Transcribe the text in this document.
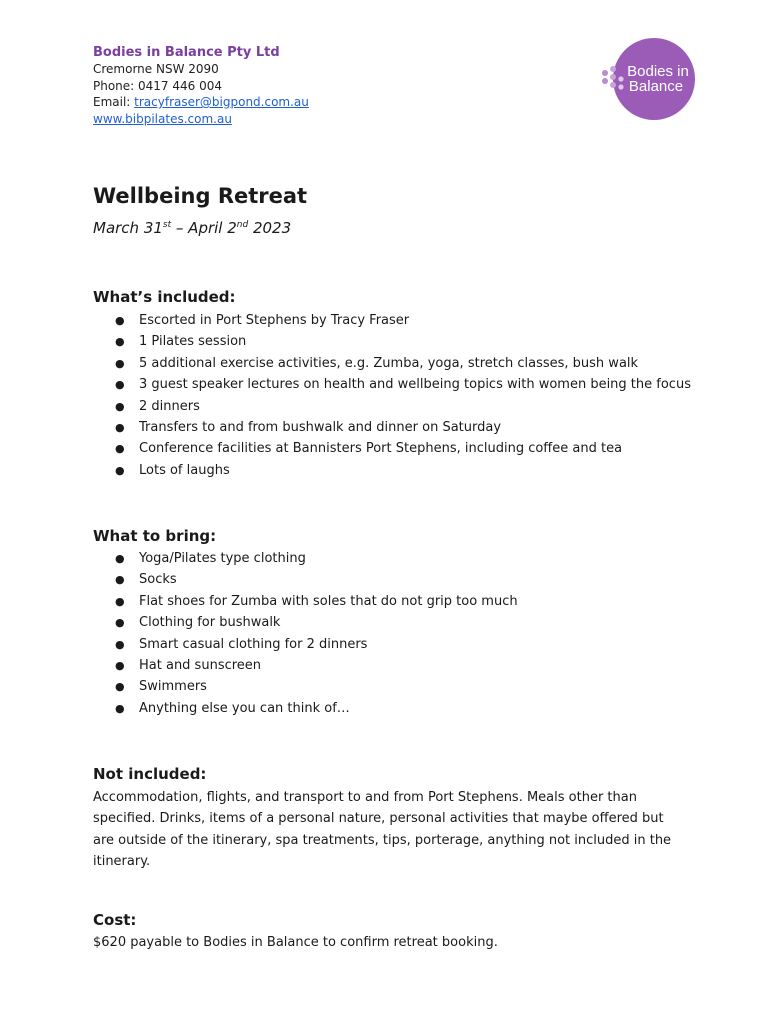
Bodies in Balance Pty Ltd
Cremorne NSW 2090
Phone: 0417 446 004
Email: tracyfraser@bigpond.com.au
www.bibpilates.com.au
Bodies in
Balance
Wellbeing Retreat
March 31st – April 2nd 2023
What’s included:
● Escorted in Port Stephens by Tracy Fraser
● 1 Pilates session
● 5 additional exercise activities, e.g. Zumba, yoga, stretch classes, bush walk
● 3 guest speaker lectures on health and wellbeing topics with women being the focus
● 2 dinners
● Transfers to and from bushwalk and dinner on Saturday
● Conference facilities at Bannisters Port Stephens, including coffee and tea
● Lots of laughs
What to bring:
● Yoga/Pilates type clothing
● Socks
● Flat shoes for Zumba with soles that do not grip too much
● Clothing for bushwalk
● Smart casual clothing for 2 dinners
● Hat and sunscreen
● Swimmers
● Anything else you can think of…
Not included:

Accommodation, flights, and transport to and from Port Stephens. Meals other than specified. Drinks, items of a personal nature, personal activities that maybe offered but are outside of the itinerary, spa treatments, tips, porterage, anything not included in the itinerary.

Cost:

$620 payable to Bodies in Balance to confirm retreat booking.
